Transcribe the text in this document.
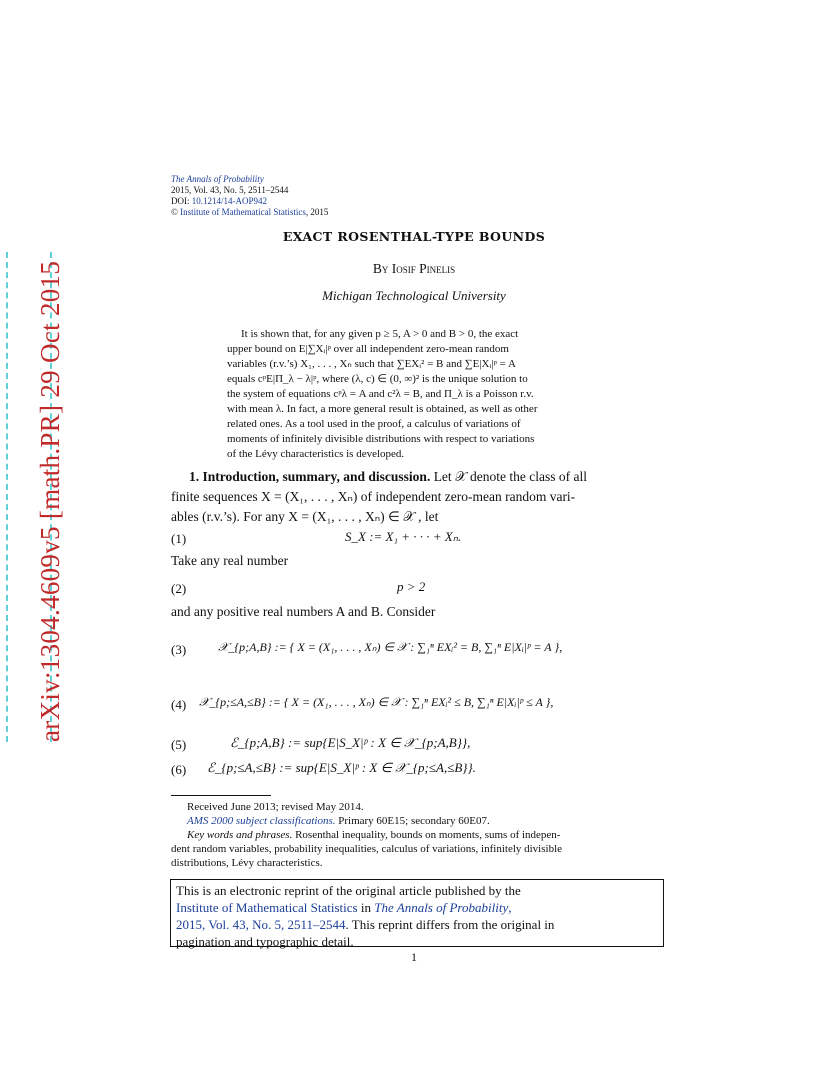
arXiv:1304.4609v5 [math.PR] 29 Oct 2015
The Annals of Probability
2015, Vol. 43, No. 5, 2511–2544
DOI: 10.1214/14-AOP942
© Institute of Mathematical Statistics, 2015
EXACT ROSENTHAL-TYPE BOUNDS
By Iosif Pinelis
Michigan Technological University
It is shown that, for any given p ≥ 5, A > 0 and B > 0, the exact
upper bound on E|∑Xᵢ|ᵖ over all independent zero-mean random
variables (r.v.’s) X₁, . . . , Xₙ such that ∑EXᵢ² = B and ∑E|Xᵢ|ᵖ = A
equals cᵖE|Π_λ − λ|ᵖ, where (λ, c) ∈ (0, ∞)² is the unique solution to
the system of equations cᵖλ = A and c²λ = B, and Π_λ is a Poisson r.v.
with mean λ. In fact, a more general result is obtained, as well as other
related ones. As a tool used in the proof, a calculus of variations of
moments of infinitely divisible distributions with respect to variations
of the Lévy characteristics is developed.
1. Introduction, summary, and discussion. Let 𝒳 denote the class of all
finite sequences X = (X₁, . . . , Xₙ) of independent zero-mean random vari-
ables (r.v.’s). For any X = (X₁, . . . , Xₙ) ∈ 𝒳 , let
(1)	S_X := X₁ + · · · + Xₙ.
Take any real number
(2)	p > 2
and any positive real numbers A and B. Consider
(3)	𝒳_{p;A,B} := { X = (X₁, . . . , Xₙ) ∈ 𝒳 : ∑₁ⁿ EXᵢ² = B, ∑₁ⁿ E|Xᵢ|ᵖ = A },
(4) 𝒳_{p;≤A,≤B} := { X = (X₁, . . . , Xₙ) ∈ 𝒳 : ∑₁ⁿ EXᵢ² ≤ B, ∑₁ⁿ E|Xᵢ|ᵖ ≤ A },
(5)	ℰ_{p;A,B} := sup{E|S_X|ᵖ : X ∈ 𝒳_{p;A,B}},
(6) ℰ_{p;≤A,≤B} := sup{E|S_X|ᵖ : X ∈ 𝒳_{p;≤A,≤B}}.
Received June 2013; revised May 2014.
AMS 2000 subject classifications. Primary 60E15; secondary 60E07.
Key words and phrases. Rosenthal inequality, bounds on moments, sums of indepen-
dent random variables, probability inequalities, calculus of variations, infinitely divisible
distributions, Lévy characteristics.
This is an electronic reprint of the original article published by the
Institute of Mathematical Statistics in The Annals of Probability,
2015, Vol. 43, No. 5, 2511–2544. This reprint differs from the original in
pagination and typographic detail.
1
